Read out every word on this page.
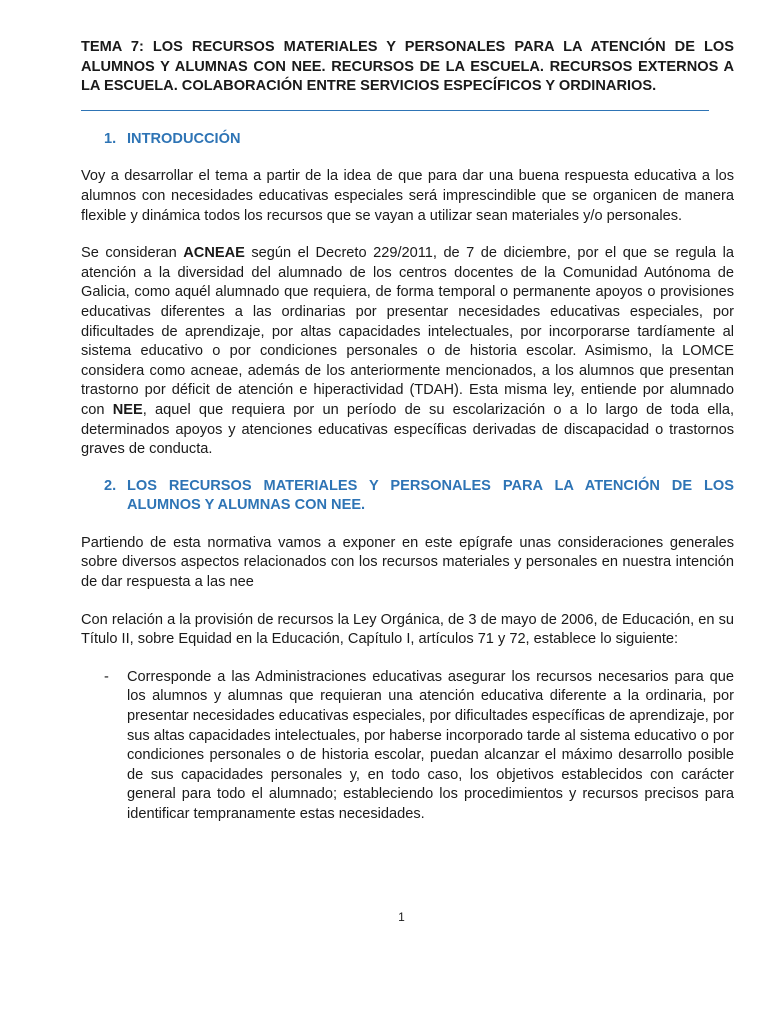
TEMA 7: LOS RECURSOS MATERIALES Y PERSONALES PARA LA ATENCIÓN DE LOS ALUMNOS Y ALUMNAS CON NEE. RECURSOS DE LA ESCUELA. RECURSOS EXTERNOS A LA ESCUELA. COLABORACIÓN ENTRE SERVICIOS ESPECÍFICOS Y ORDINARIOS.

1. INTRODUCCIÓN

Voy a desarrollar el tema a partir de la idea de que para dar una buena respuesta educativa a los alumnos con necesidades educativas especiales será imprescindible que se organicen de manera flexible y dinámica todos los recursos que se vayan a utilizar sean materiales y/o personales.

Se consideran ACNEAE según el Decreto 229/2011, de 7 de diciembre, por el que se regula la atención a la diversidad del alumnado de los centros docentes de la Comunidad Autónoma de Galicia, como aquél alumnado que requiera, de forma temporal o permanente apoyos o provisiones educativas diferentes a las ordinarias por presentar necesidades educativas especiales, por dificultades de aprendizaje, por altas capacidades intelectuales, por incorporarse tardíamente al sistema educativo o por condiciones personales o de historia escolar. Asimismo, la LOMCE considera como acneae, además de los anteriormente mencionados, a los alumnos que presentan trastorno por déficit de atención e hiperactividad (TDAH). Esta misma ley, entiende por alumnado con NEE, aquel que requiera por un período de su escolarización o a lo largo de toda ella, determinados apoyos y atenciones educativas específicas derivadas de discapacidad o trastornos graves de conducta.

2. LOS RECURSOS MATERIALES Y PERSONALES PARA LA ATENCIÓN DE LOS ALUMNOS Y ALUMNAS CON NEE.

Partiendo de esta normativa vamos a exponer en este epígrafe unas consideraciones generales sobre diversos aspectos relacionados con los recursos materiales y personales en nuestra intención de dar respuesta a las nee

Con relación a la provisión de recursos la Ley Orgánica, de 3 de mayo de 2006, de Educación, en su Título II, sobre Equidad en la Educación, Capítulo I, artículos 71 y 72, establece lo siguiente:

-	Corresponde a las Administraciones educativas asegurar los recursos necesarios para que los alumnos y alumnas que requieran una atención educativa diferente a la ordinaria, por presentar necesidades educativas especiales, por dificultades específicas de aprendizaje, por sus altas capacidades intelectuales, por haberse incorporado tarde al sistema educativo o por condiciones personales o de historia escolar, puedan alcanzar el máximo desarrollo posible de sus capacidades personales y, en todo caso, los objetivos establecidos con carácter general para todo el alumnado; estableciendo los procedimientos y recursos precisos para identificar tempranamente estas necesidades.
1
